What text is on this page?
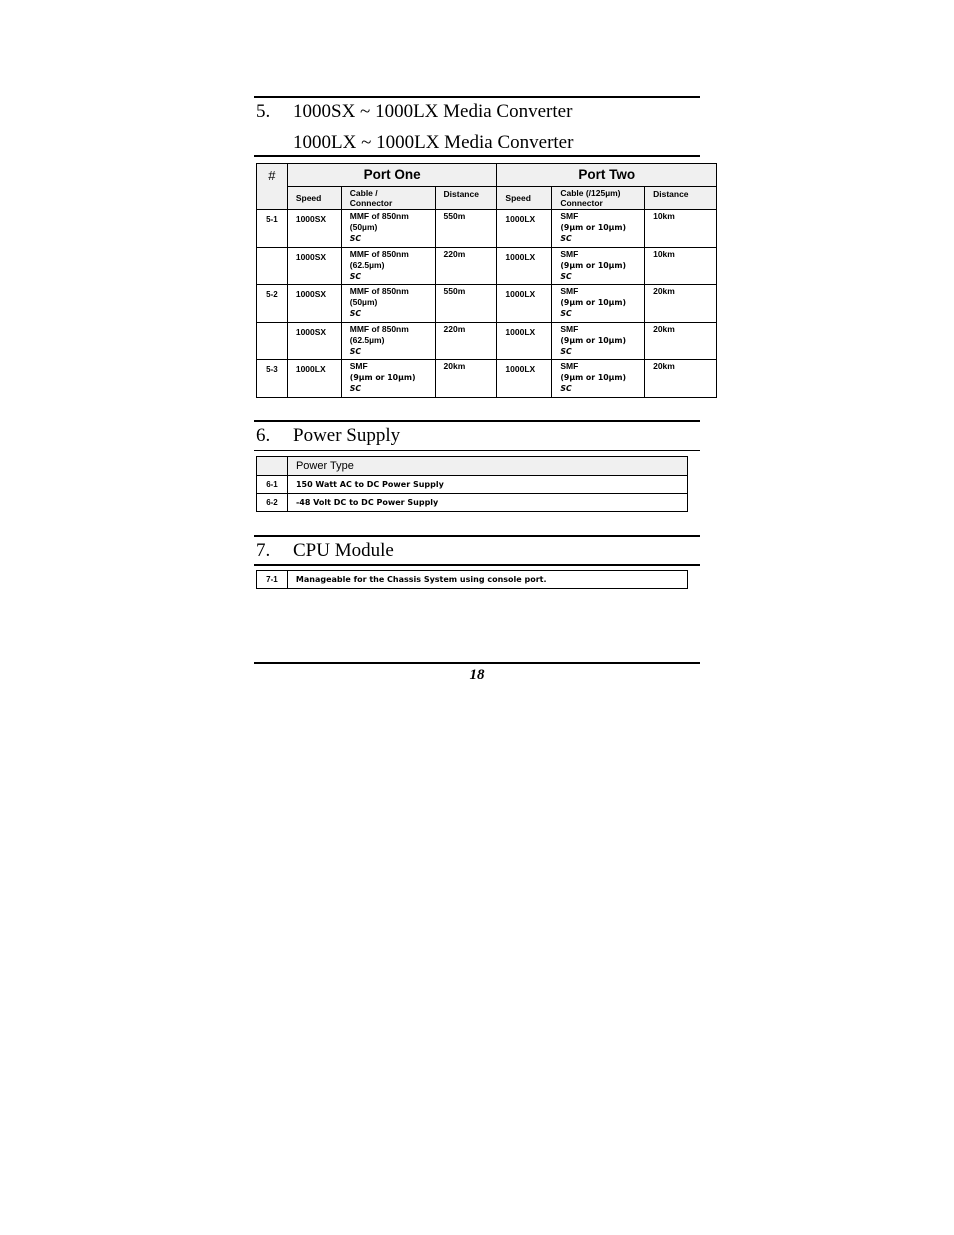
5. 1000SX ~ 1000LX Media Converter
1000LX ~ 1000LX Media Converter
#	Port One			Port Two		
	Speed	Cable /
Connector	Distance	Speed	Cable (/125µm)
Connector	Distance
5-1	1000SX	MMF of 850nm
(50µm)
SC	550m	1000LX	SMF
(9µm or 10µm)
SC	10km
	1000SX	MMF of 850nm
(62.5µm)
SC	220m	1000LX	SMF
(9µm or 10µm)
SC	10km
5-2	1000SX	MMF of 850nm
(50µm)
SC	550m	1000LX	SMF
(9µm or 10µm)
SC	20km
	1000SX	MMF of 850nm
(62.5µm)
SC	220m	1000LX	SMF
(9µm or 10µm)
SC	20km
5-3	1000LX	SMF
(9µm or 10µm)
SC	20km	1000LX	SMF
(9µm or 10µm)
SC	20km
6. Power Supply
	Power Type
6-1	150 Watt AC to DC Power Supply
6-2	-48 Volt DC to DC Power Supply
7. CPU Module
7-1	Manageable for the Chassis System using console port.
18
